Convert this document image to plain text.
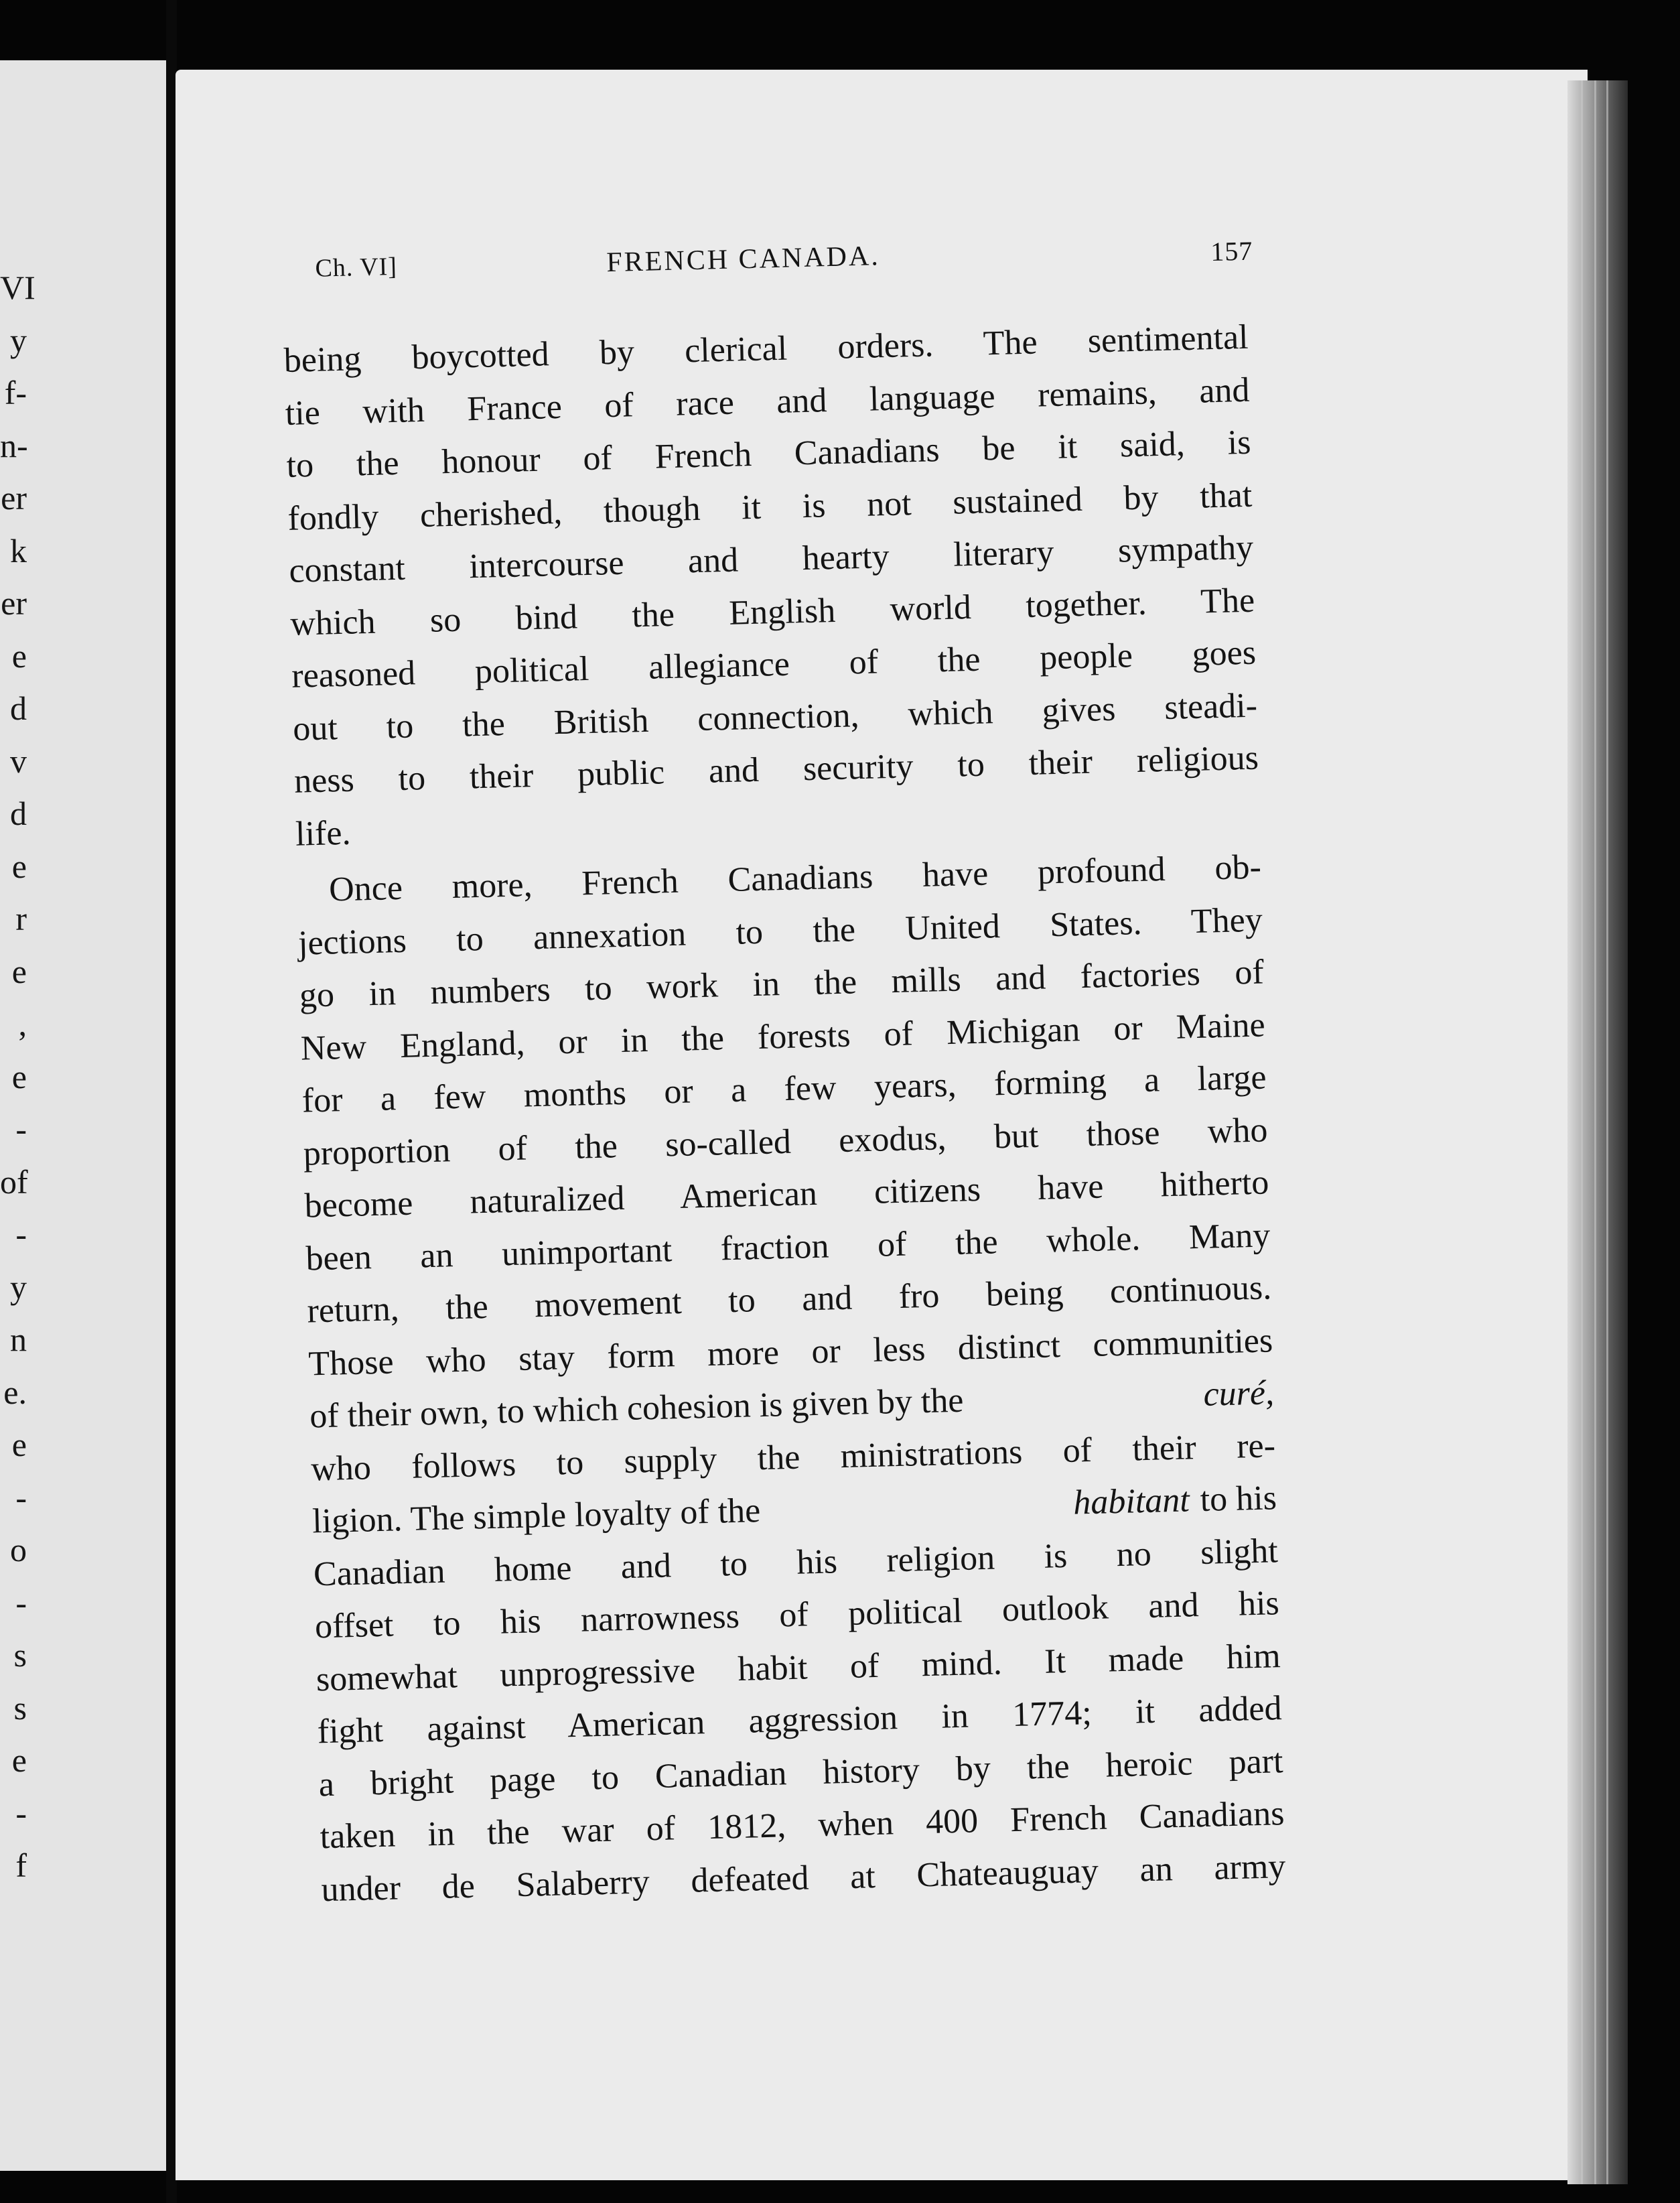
VI
y
f-
n-
er
k
er
e
d
v
d
e
r
e
,
e
-
of
-
y
n
e.
e
-
o
-
s
s
e
-
f
Ch. VI]	FRENCH CANADA.	157
being boycotted by clerical orders. The sentimental
tie with France of race and language remains, and
to the honour of French Canadians be it said, is
fondly cherished, though it is not sustained by that
constant intercourse and hearty literary sympathy
which so bind the English world together. The
reasoned political allegiance of the people goes
out to the British connection, which gives steadi-
ness to their public and security to their religious
life.
Once more, French Canadians have profound ob-
jections to annexation to the United States. They
go in numbers to work in the mills and factories of
New England, or in the forests of Michigan or Maine
for a few months or a few years, forming a large
proportion of the so-called exodus, but those who
become naturalized American citizens have hitherto
been an unimportant fraction of the whole. Many
return, the movement to and fro being continuous.
Those who stay form more or less distinct communities
of their own, to which cohesion is given by the	curé,
who follows to supply the ministrations of their re-
ligion. The simple loyalty of the	habitant to his
Canadian home and to his religion is no slight
offset to his narrowness of political outlook and his
somewhat unprogressive habit of mind. It made him
fight against American aggression in 1774; it added
a bright page to Canadian history by the heroic part
taken in the war of 1812, when 400 French Canadians
under de Salaberry defeated at Chateauguay an army
